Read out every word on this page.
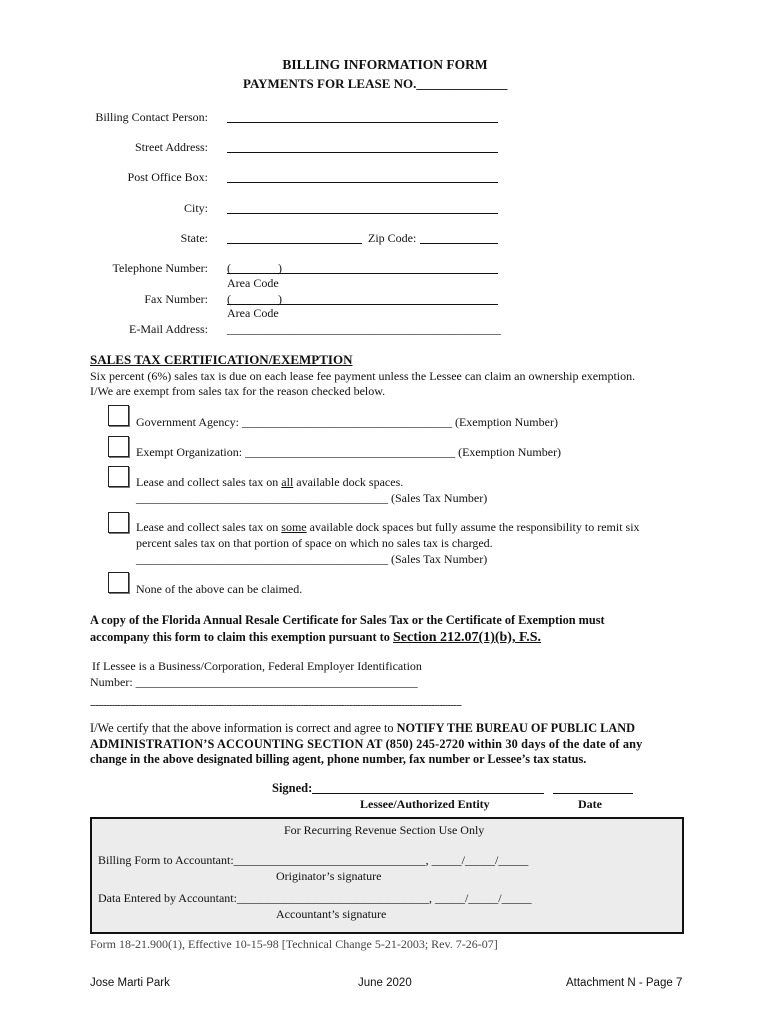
BILLING INFORMATION FORM
PAYMENTS FOR LEASE NO.______________
Billing Contact Person:
Street Address:
Post Office Box:
City:
State:	Zip Code:
Telephone Number: (	)
Area Code
Fax Number: (	)
Area Code
E-Mail Address: ________________________________________________
SALES TAX CERTIFICATION/EXEMPTION
Six percent (6%) sales tax is due on each lease fee payment unless the Lessee can claim an ownership exemption.
I/We are exempt from sales tax for the reason checked below.
Government Agency: ___________________________________ (Exemption Number)
Exempt Organization: ___________________________________ (Exemption Number)
Lease and collect sales tax on all available dock spaces.
__________________________________________ (Sales Tax Number)
Lease and collect sales tax on some available dock spaces but fully assume the responsibility to remit six
percent sales tax on that portion of space on which no sales tax is charged.
__________________________________________ (Sales Tax Number)
None of the above can be claimed.
A copy of the Florida Annual Resale Certificate for Sales Tax or the Certificate of Exemption must
accompany this form to claim this exemption pursuant to Section 212.07(1)(b), F.S.
If Lessee is a Business/Corporation, Federal Employer Identification
Number: _______________________________________________
----------------------------------------------------------------------------------------------------------------------------------------
I/We certify that the above information is correct and agree to NOTIFY THE BUREAU OF PUBLIC LAND
ADMINISTRATION’S ACCOUNTING SECTION AT (850) 245-2720 within 30 days of the date of any
change in the above designated billing agent, phone number, fax number or Lessee’s tax status.
Signed:
Lessee/Authorized Entity	Date
For Recurring Revenue Section Use Only
Billing Form to Accountant:________________________________, _____/_____/_____
Originator’s signature
Data Entered by Accountant:________________________________, _____/_____/_____
Accountant’s signature
Form 18-21.900(1), Effective 10-15-98 [Technical Change 5-21-2003; Rev. 7-26-07]
Jose Marti Park	June 2020	Attachment N - Page 7
